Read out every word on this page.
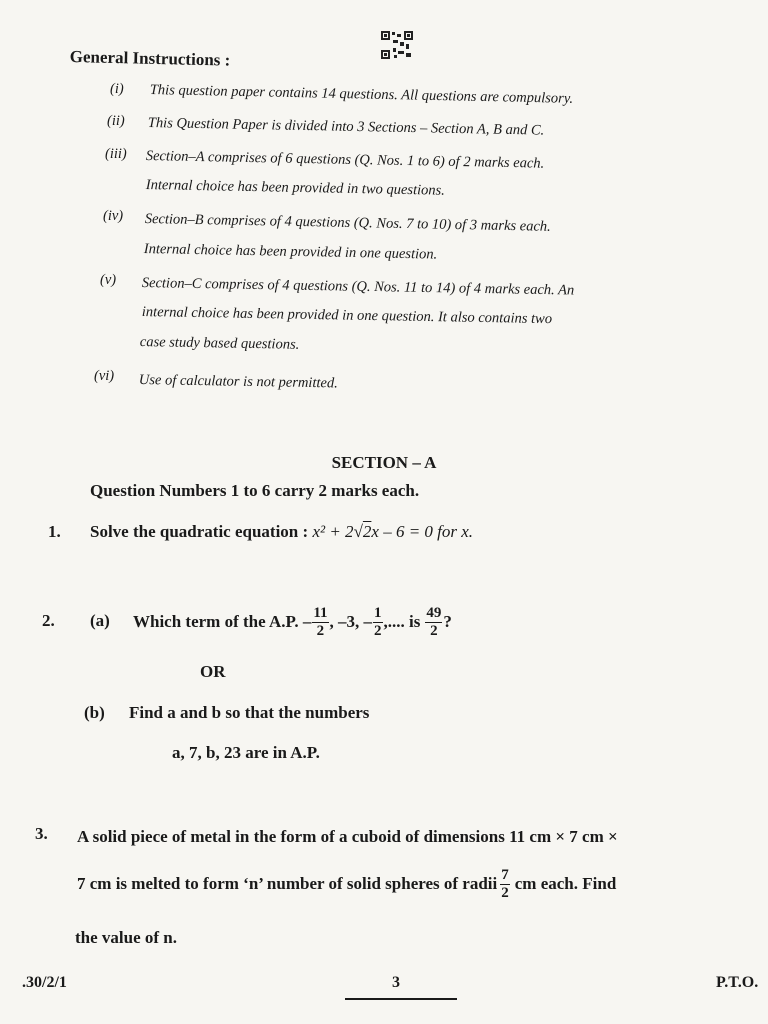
General Instructions :
(i) This question paper contains 14 questions. All questions are compulsory.
(ii) This Question Paper is divided into 3 Sections – Section A, B and C.
(iii) Section–A comprises of 6 questions (Q. Nos. 1 to 6) of 2 marks each.
Internal choice has been provided in two questions.
(iv) Section–B comprises of 4 questions (Q. Nos. 7 to 10) of 3 marks each.
Internal choice has been provided in one question.
(v) Section–C comprises of 4 questions (Q. Nos. 11 to 14) of 4 marks each. An
internal choice has been provided in one question. It also contains two
case study based questions.
(vi) Use of calculator is not permitted.
SECTION – A
Question Numbers 1 to 6 carry 2 marks each.
1. Solve the quadratic equation : x² + 2√2x – 6 = 0 for x.
2. (a) Which term of the A.P. – $\frac{11}{2}$ , –3, – $\frac{1}{2}$ ,.... is $\frac{49}{2}$ ?
OR
(b) Find a and b so that the numbers
a, 7, b, 23 are in A.P.
3. A solid piece of metal in the form of a cuboid of dimensions 11 cm × 7 cm ×
7 cm is melted to form ‘n’ number of solid spheres of radii $\frac{7}{2}$ cm each. Find
the value of n.
.30/2/1	3	P.T.O.
